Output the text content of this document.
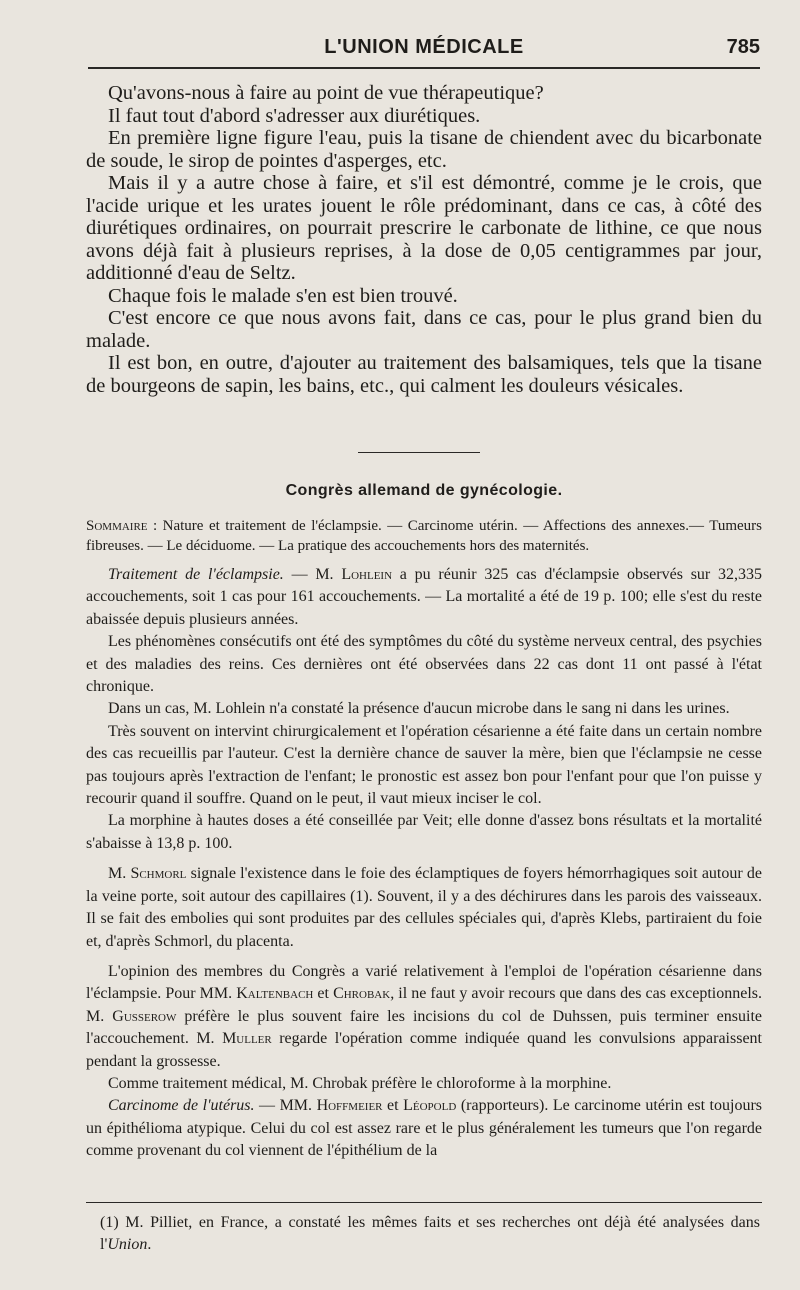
L'UNION MÉDICALE	785

Qu'avons-nous à faire au point de vue thérapeutique?

Il faut tout d'abord s'adresser aux diurétiques.

En première ligne figure l'eau, puis la tisane de chiendent avec du bicarbonate de soude, le sirop de pointes d'asperges, etc.

Mais il y a autre chose à faire, et s'il est démontré, comme je le crois, que l'acide urique et les urates jouent le rôle prédominant, dans ce cas, à côté des diurétiques ordinaires, on pourrait prescrire le carbonate de lithine, ce que nous avons déjà fait à plusieurs reprises, à la dose de 0,05 centigrammes par jour, additionné d'eau de Seltz.

Chaque fois le malade s'en est bien trouvé.

C'est encore ce que nous avons fait, dans ce cas, pour le plus grand bien du malade.

Il est bon, en outre, d'ajouter au traitement des balsamiques, tels que la tisane de bourgeons de sapin, les bains, etc., qui calment les douleurs vésicales.

Congrès allemand de gynécologie.

Sommaire : Nature et traitement de l'éclampsie. — Carcinome utérin. — Affections des annexes.— Tumeurs fibreuses. — Le déciduome. — La pratique des accouchements hors des maternités.

Traitement de l'éclampsie. — M. Lohlein a pu réunir 325 cas d'éclampsie observés sur 32,335 accouchements, soit 1 cas pour 161 accouchements. — La mortalité a été de 19 p. 100; elle s'est du reste abaissée depuis plusieurs années.

Les phénomènes consécutifs ont été des symptômes du côté du système nerveux central, des psychies et des maladies des reins. Ces dernières ont été observées dans 22 cas dont 11 ont passé à l'état chronique.

Dans un cas, M. Lohlein n'a constaté la présence d'aucun microbe dans le sang ni dans les urines.

Très souvent on intervint chirurgicalement et l'opération césarienne a été faite dans un certain nombre des cas recueillis par l'auteur. C'est la dernière chance de sauver la mère, bien que l'éclampsie ne cesse pas toujours après l'extraction de l'enfant; le pronostic est assez bon pour l'enfant pour que l'on puisse y recourir quand il souffre. Quand on le peut, il vaut mieux inciser le col.

La morphine à hautes doses a été conseillée par Veit; elle donne d'assez bons résultats et la mortalité s'abaisse à 13,8 p. 100.

M. Schmorl signale l'existence dans le foie des éclamptiques de foyers hémorrhagiques soit autour de la veine porte, soit autour des capillaires (1). Souvent, il y a des déchirures dans les parois des vaisseaux. Il se fait des embolies qui sont produites par des cellules spéciales qui, d'après Klebs, partiraient du foie et, d'après Schmorl, du placenta.

L'opinion des membres du Congrès a varié relativement à l'emploi de l'opération césarienne dans l'éclampsie. Pour MM. Kaltenbach et Chrobak, il ne faut y avoir recours que dans des cas exceptionnels. M. Gusserow préfère le plus souvent faire les incisions du col de Duhssen, puis terminer ensuite l'accouchement. M. Muller regarde l'opération comme indiquée quand les convulsions apparaissent pendant la grossesse.

Comme traitement médical, M. Chrobak préfère le chloroforme à la morphine.

Carcinome de l'utérus. — MM. Hoffmeier et Léopold (rapporteurs). Le carcinome utérin est toujours un épithélioma atypique. Celui du col est assez rare et le plus généralement les tumeurs que l'on regarde comme provenant du col viennent de l'épithélium de la

(1) M. Pilliet, en France, a constaté les mêmes faits et ses recherches ont déjà été analysées dans l'Union.
